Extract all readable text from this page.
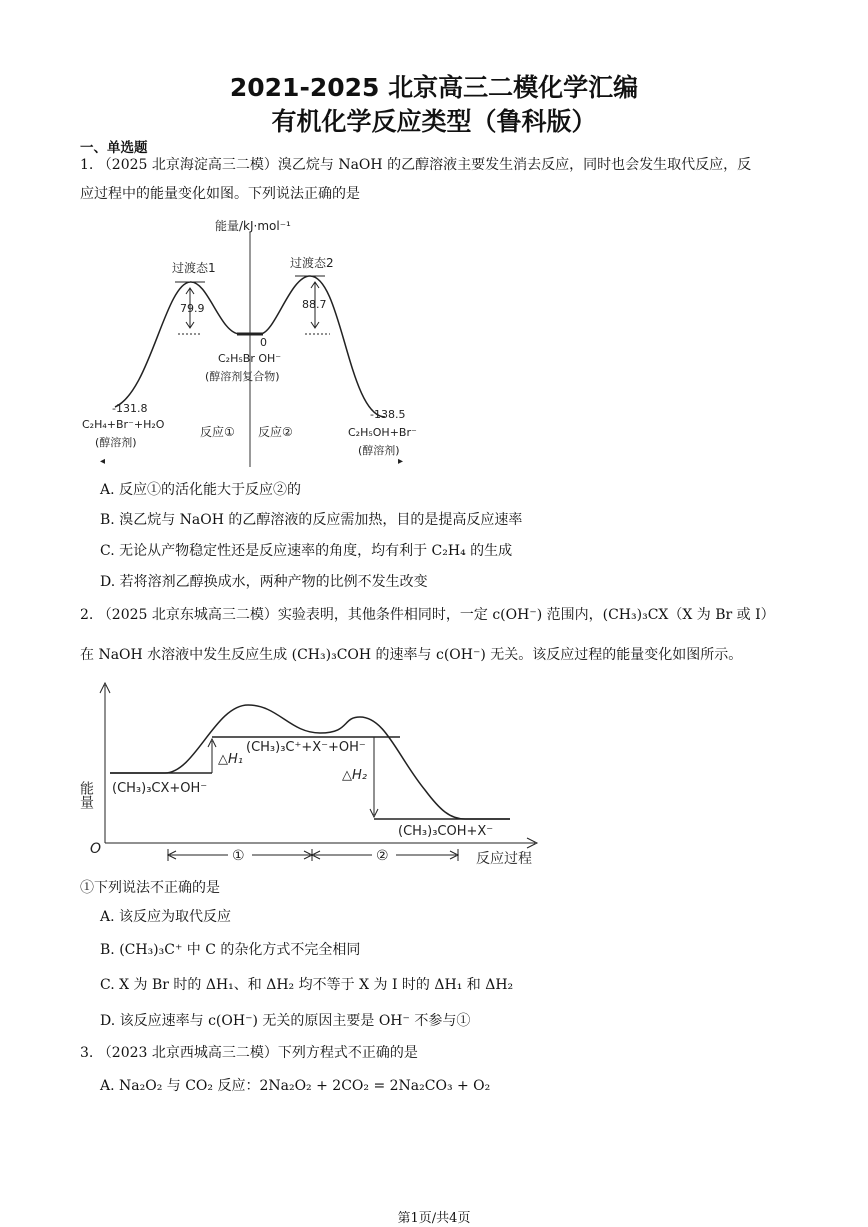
2021-2025 北京高三二模化学汇编
有机化学反应类型（鲁科版）
一、单选题
1. （2025 北京海淀高三二模）溴乙烷与 NaOH 的乙醇溶液主要发生消去反应，同时也会发生取代反应，反
应过程中的能量变化如图。下列说法正确的是
能量/kJ·mol⁻¹
过渡态1	过渡态2
79.9	88.7
0
C₂H₅Br OH⁻
(醇溶剂复合物)
-131.8
C₂H₄+Br⁻+H₂O
(醇溶剂)
-138.5
C₂H₅OH+Br⁻
(醇溶剂)
反应① 反应②
◂	▸
A. 反应①的活化能大于反应②的
B. 溴乙烷与 NaOH 的乙醇溶液的反应需加热，目的是提高反应速率
C. 无论从产物稳定性还是反应速率的角度，均有利于 C₂H₄ 的生成
D. 若将溶剂乙醇换成水，两种产物的比例不发生改变
2. （2025 北京东城高三二模）实验表明，其他条件相同时，一定 c(OH⁻) 范围内，(CH₃)₃CX（X 为 Br 或 I）
在 NaOH 水溶液中发生反应生成 (CH₃)₃COH 的速率与 c(OH⁻) 无关。该反应过程的能量变化如图所示。
能量
O
(CH₃)₃CX+OH⁻
(CH₃)₃C⁺+X⁻+OH⁻
(CH₃)₃COH+X⁻
△H₁
△H₂
①	②	反应过程
①下列说法不正确的是
A. 该反应为取代反应
B. (CH₃)₃C⁺ 中 C 的杂化方式不完全相同
C. X 为 Br 时的 ΔH₁、和 ΔH₂ 均不等于 X 为 I 时的 ΔH₁ 和 ΔH₂
D. 该反应速率与 c(OH⁻) 无关的原因主要是 OH⁻ 不参与①
3. （2023 北京西城高三二模）下列方程式不正确的是
A. Na₂O₂ 与 CO₂ 反应：2Na₂O₂ + 2CO₂ = 2Na₂CO₃ + O₂
第1页/共4页
